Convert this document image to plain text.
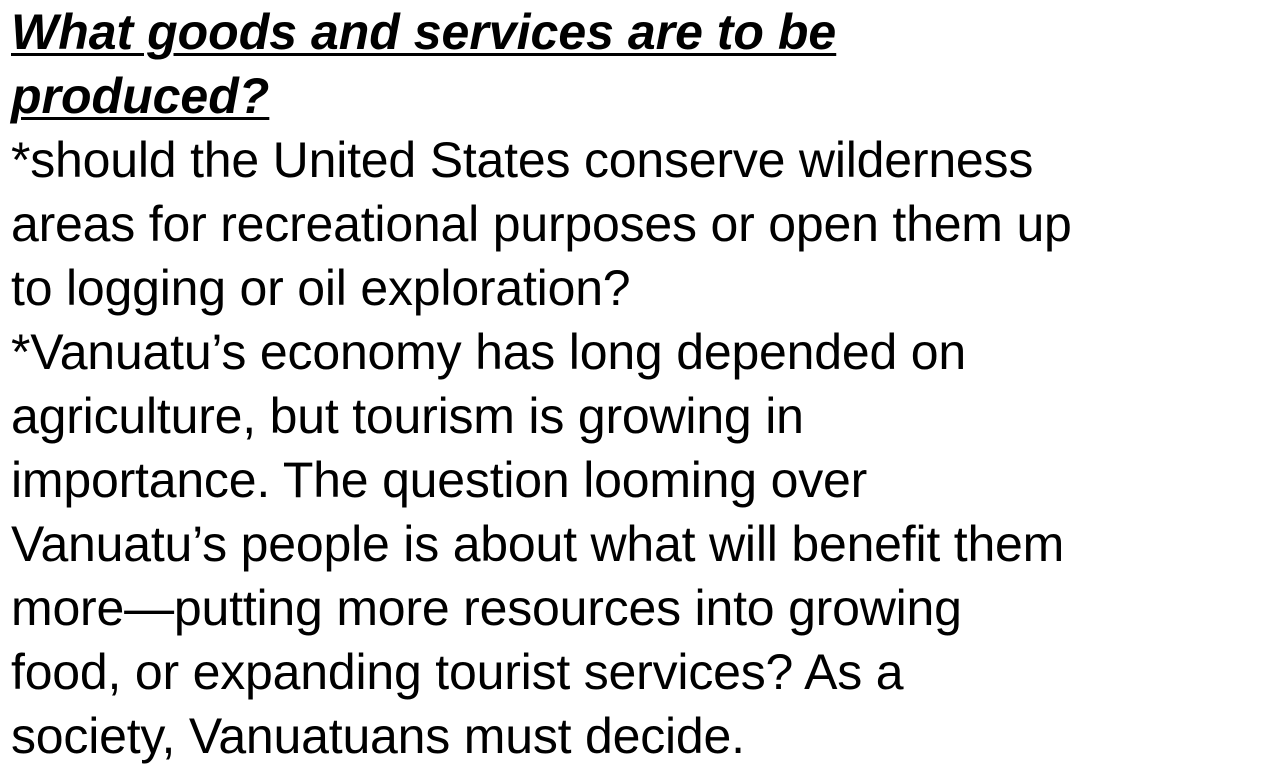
What goods and services are to be
produced?

*should the United States conserve wilderness
areas for recreational purposes or open them up
to logging or oil exploration?

*Vanuatu’s economy has long depended on
agriculture, but tourism is growing in
importance. The question looming over
Vanuatu’s people is about what will benefit them
more—putting more resources into growing
food, or expanding tourist services? As a
society, Vanuatuans must decide.
